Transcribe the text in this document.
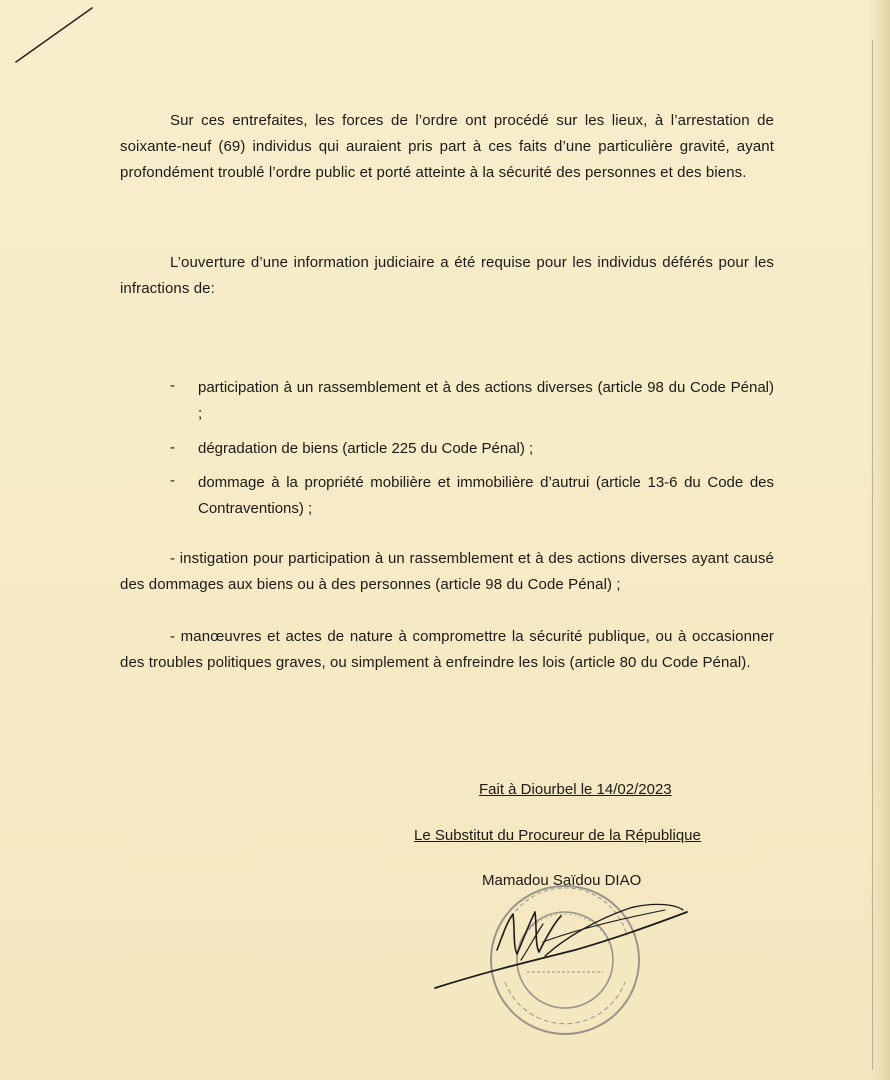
Sur ces entrefaites, les forces de l’ordre ont procédé sur les lieux, à l’arrestation de soixante-neuf (69) individus qui auraient pris part à ces faits d’une particulière gravité, ayant profondément troublé l’ordre public et porté atteinte à la sécurité des personnes et des biens.

L’ouverture d’une information judiciaire a été requise pour les individus déférés pour les infractions de:

- participation à un rassemblement et à des actions diverses (article 98 du Code Pénal) ;

- dégradation de biens (article 225 du Code Pénal) ;

- dommage à la propriété mobilière et immobilière d’autrui (article 13-6 du Code des Contraventions) ;

- instigation pour participation à un rassemblement et à des actions diverses ayant causé des dommages aux biens ou à des personnes (article 98 du Code Pénal) ;

- manœuvres et actes de nature à compromettre la sécurité publique, ou à occasionner des troubles politiques graves, ou simplement à enfreindre les lois (article 80 du Code Pénal).

Fait à Diourbel le 14/02/2023
Le Substitut du Procureur de la République
Mamadou Saïdou DIAO
